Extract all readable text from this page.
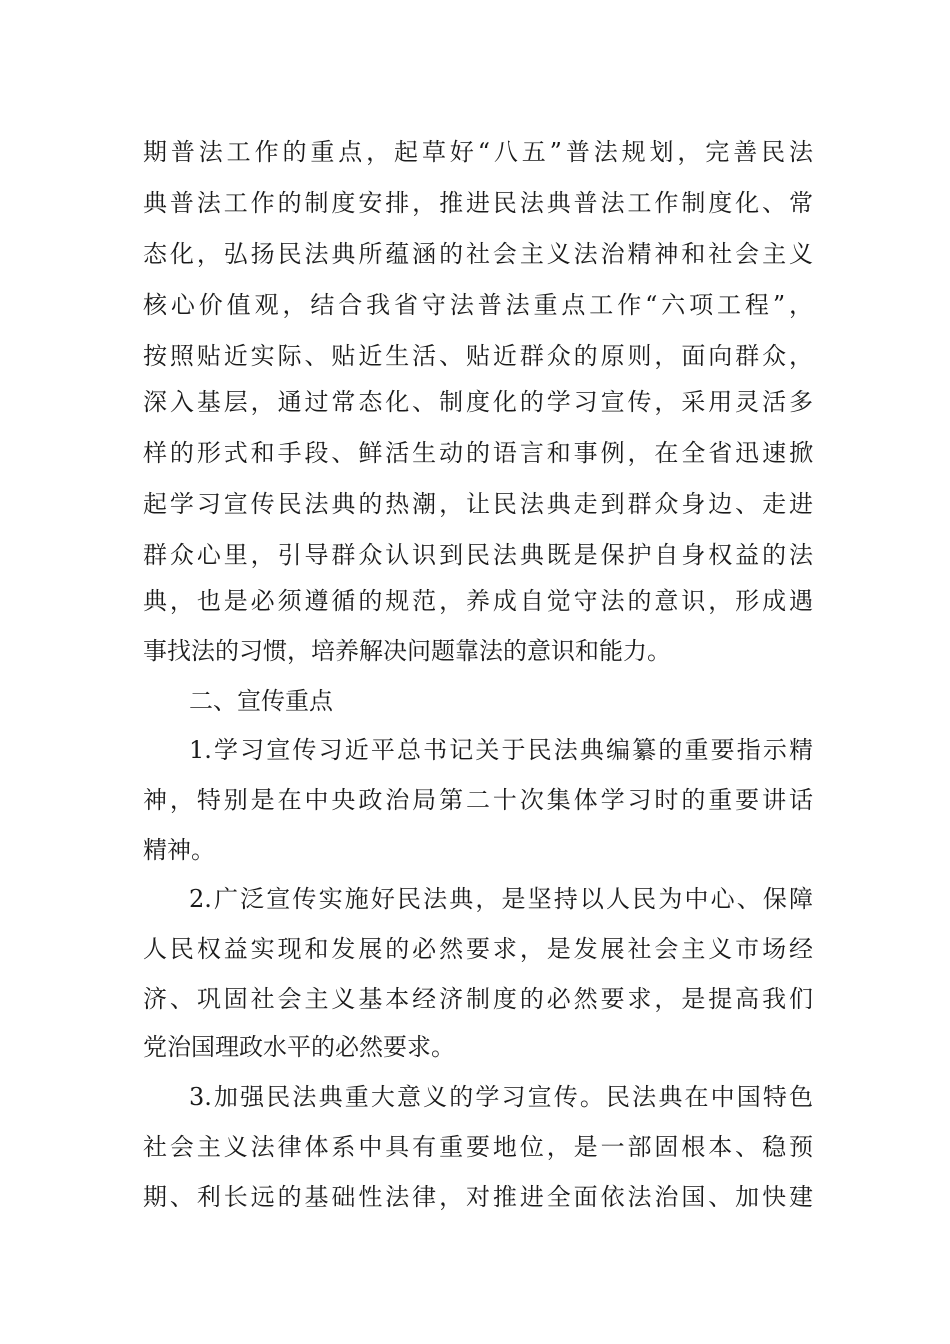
期普法工作的重点，起草好“八五”普法规划，完善民法
典普法工作的制度安排，推进民法典普法工作制度化、常
态化，弘扬民法典所蕴涵的社会主义法治精神和社会主义
核心价值观，结合我省守法普法重点工作“六项工程”，
按照贴近实际、贴近生活、贴近群众的原则，面向群众，
深入基层，通过常态化、制度化的学习宣传，采用灵活多
样的形式和手段、鲜活生动的语言和事例，在全省迅速掀
起学习宣传民法典的热潮，让民法典走到群众身边、走进
群众心里，引导群众认识到民法典既是保护自身权益的法
典，也是必须遵循的规范，养成自觉守法的意识，形成遇
事找法的习惯，培养解决问题靠法的意识和能力。
二、宣传重点
1.学习宣传习近平总书记关于民法典编纂的重要指示精
神，特别是在中央政治局第二十次集体学习时的重要讲话
精神。
2.广泛宣传实施好民法典，是坚持以人民为中心、保障
人民权益实现和发展的必然要求，是发展社会主义市场经
济、巩固社会主义基本经济制度的必然要求，是提高我们
党治国理政水平的必然要求。
3.加强民法典重大意义的学习宣传。民法典在中国特色
社会主义法律体系中具有重要地位，是一部固根本、稳预
期、利长远的基础性法律，对推进全面依法治国、加快建
